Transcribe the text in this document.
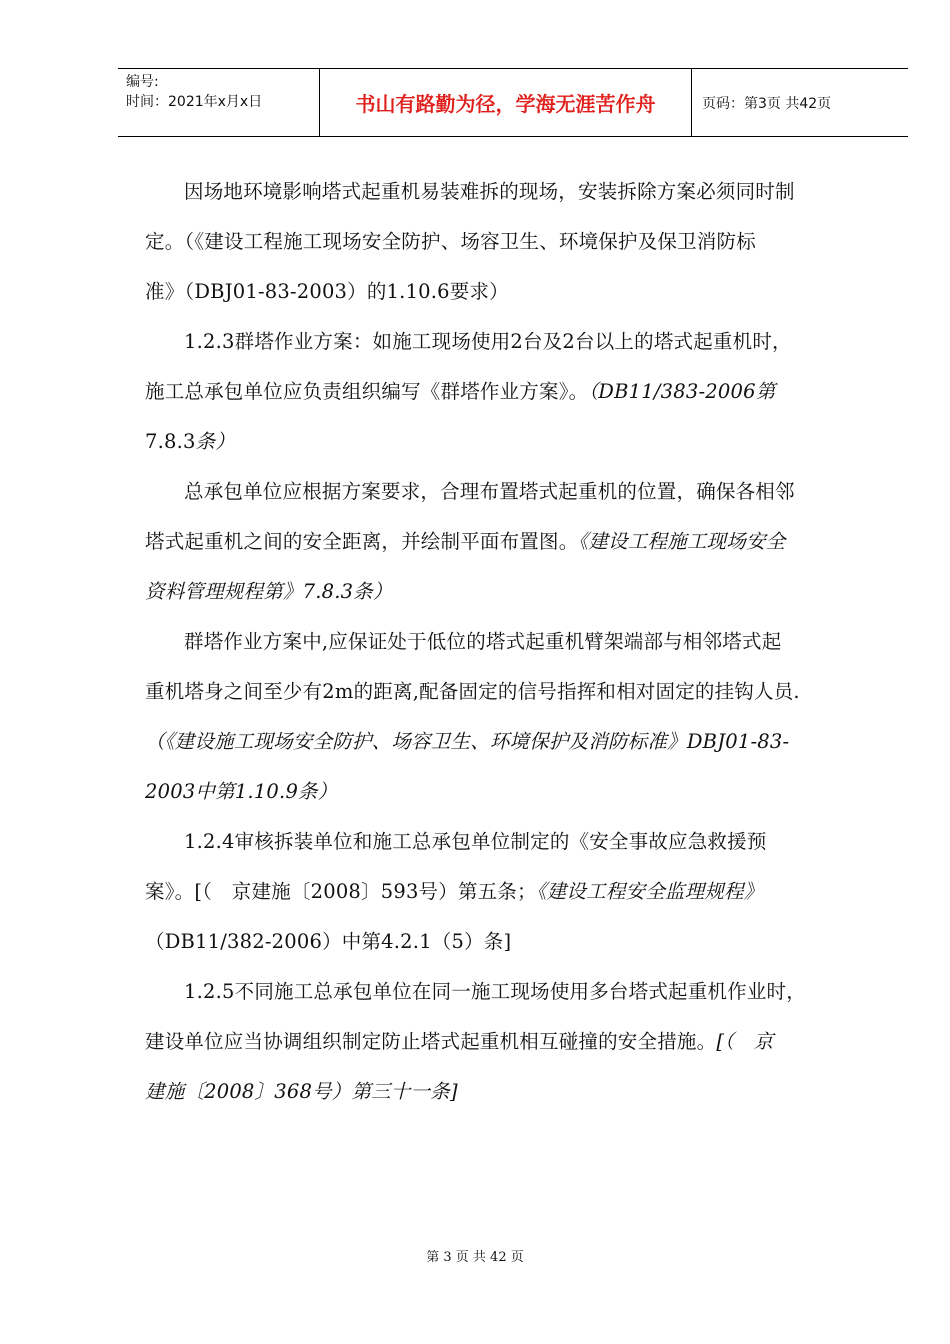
编号:
时间：2021年x月x日	书山有路勤为径，学海无涯苦作舟	页码：第3页 共42页
因场地环境影响塔式起重机易装难拆的现场，安装拆除方案必须同时制
定。（《建设工程施工现场安全防护、场容卫生、环境保护及保卫消防标
准》（DBJ01-83-2003）的1.10.6要求）
1.2.3群塔作业方案：如施工现场使用2台及2台以上的塔式起重机时，
施工总承包单位应负责组织编写《群塔作业方案》。（DB11/383-2006第
7.8.3条）
总承包单位应根据方案要求，合理布置塔式起重机的位置，确保各相邻
塔式起重机之间的安全距离，并绘制平面布置图。《建设工程施工现场安全
资料管理规程第》7.8.3条）
群塔作业方案中,应保证处于低位的塔式起重机臂架端部与相邻塔式起
重机塔身之间至少有2m的距离,配备固定的信号指挥和相对固定的挂钩人员.
（《建设施工现场安全防护、场容卫生、环境保护及消防标准》DBJ01-83-
2003中第1.10.9条）
1.2.4审核拆装单位和施工总承包单位制定的《安全事故应急救援预
案》。[（　京建施〔2008〕593号）第五条；《建设工程安全监理规程》
（DB11/382-2006）中第4.2.1（5）条]
1.2.5不同施工总承包单位在同一施工现场使用多台塔式起重机作业时，
建设单位应当协调组织制定防止塔式起重机相互碰撞的安全措施。[（　京
建施〔2008〕368号）第三十一条]
第 3 页 共 42 页
